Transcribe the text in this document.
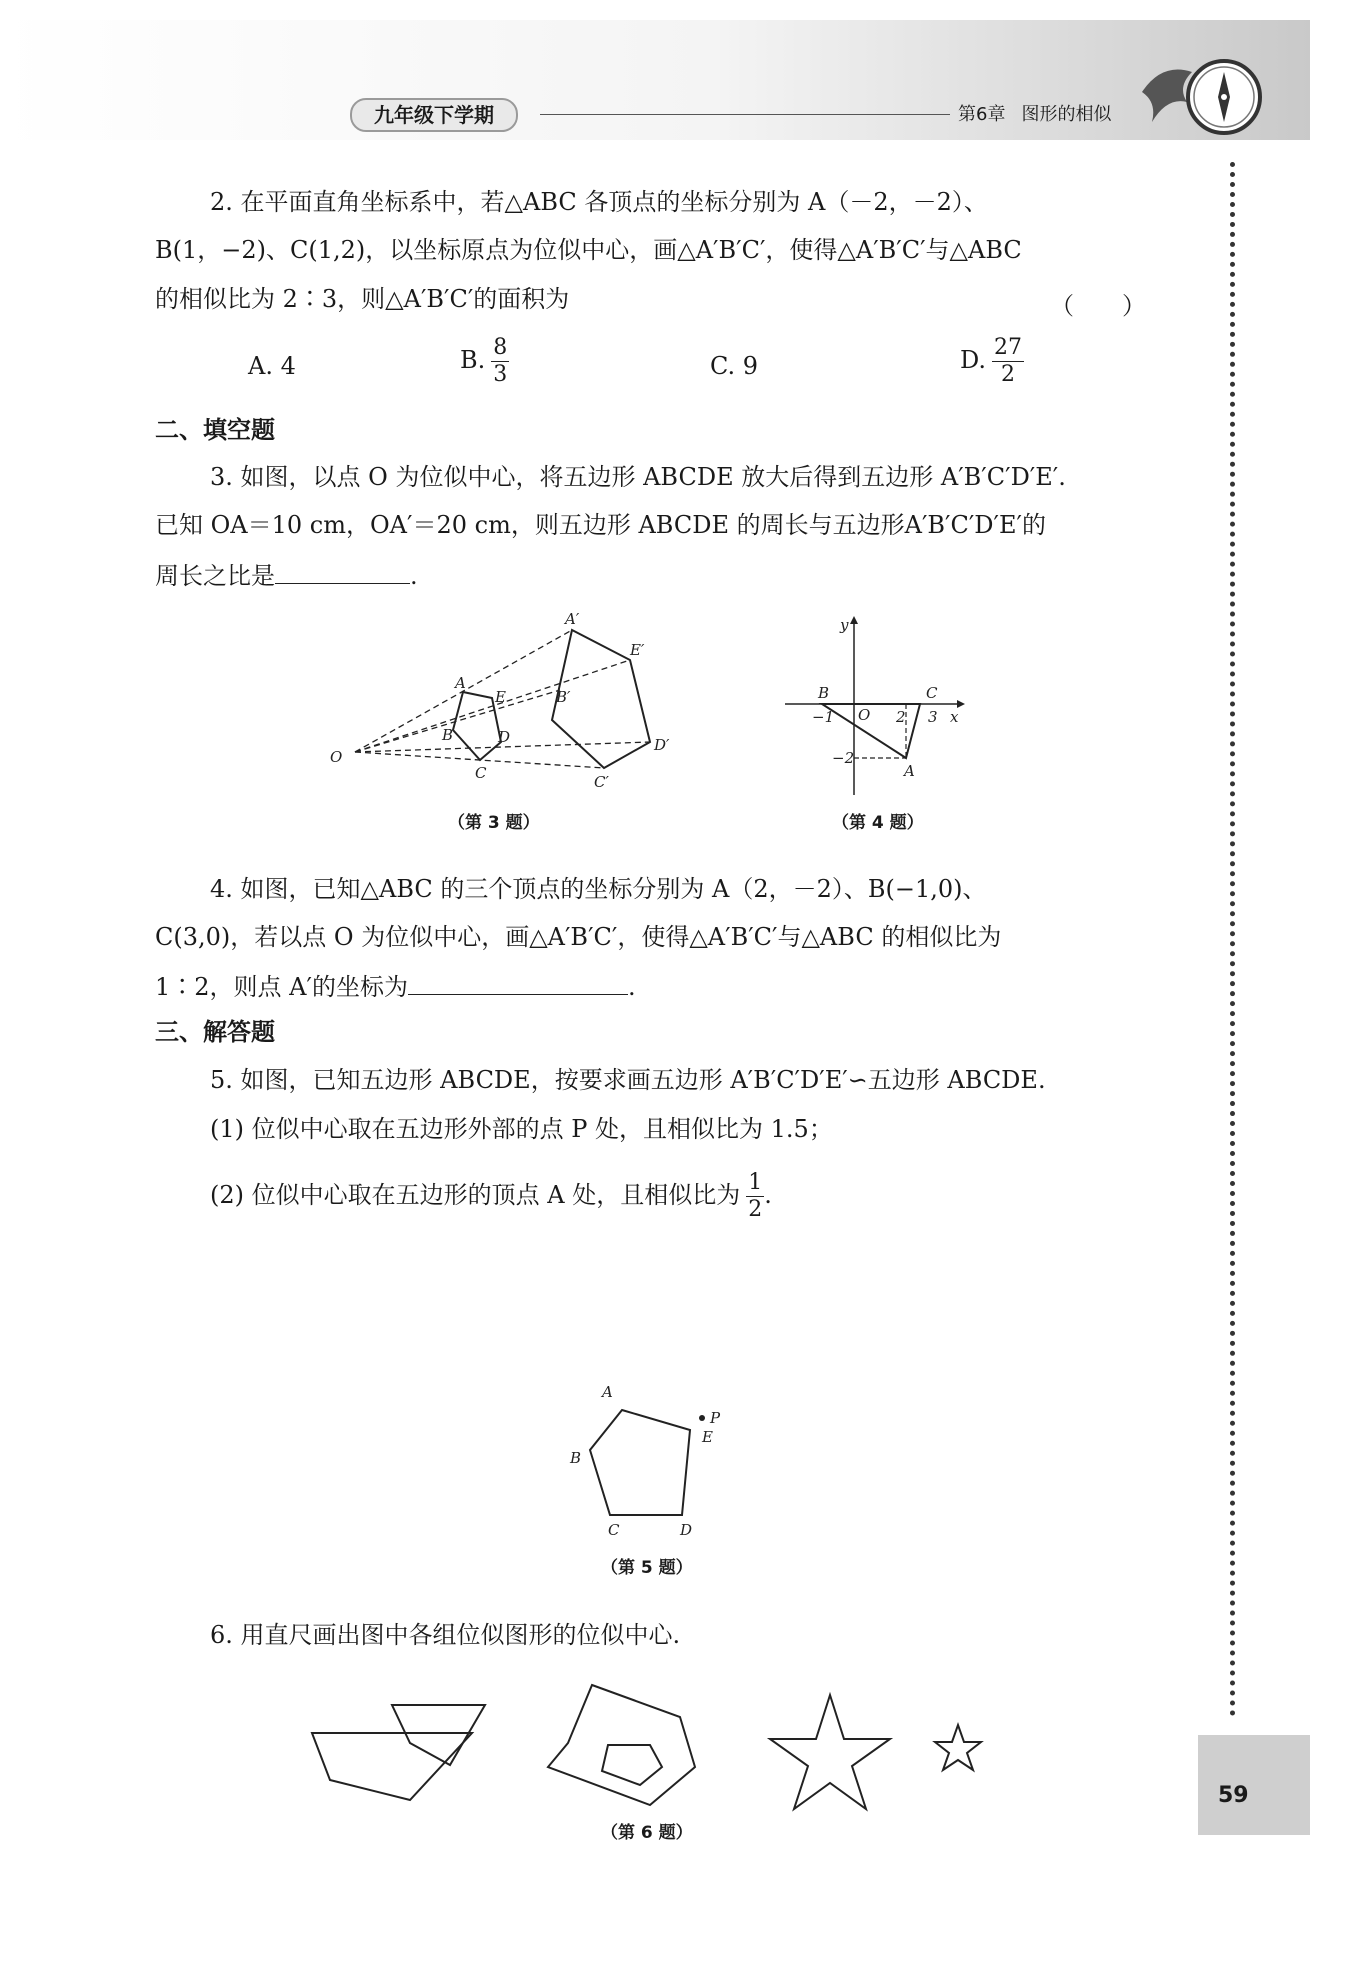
九年级下学期	第6章 图形的相似
59
2. 在平面直角坐标系中，若△ABC 各顶点的坐标分别为 A（－2，－2）、
B(1，−2)、C(1,2)，以坐标原点为位似中心，画△A′B′C′，使得△A′B′C′与△ABC
的相似比为 2∶3，则△A′B′C′的面积为	（　　）
A. 4	B. $\frac{8}{3}$	C. 9	D. $\frac{27}{2}$
二、填空题
3. 如图，以点 O 为位似中心，将五边形 ABCDE 放大后得到五边形 A′B′C′D′E′.
已知 OA＝10 cm，OA′＝20 cm，则五边形 ABCDE 的周长与五边形A′B′C′D′E′的
周长之比是	.
O
A
E
B	D
C
A′
E′
B′
D′
C′
（第 3 题）
y
x
B	C
O
A
−1	2 3
−2
（第 4 题）
4. 如图，已知△ABC 的三个顶点的坐标分别为 A（2，－2）、B(−1,0)、
C(3,0)，若以点 O 为位似中心，画△A′B′C′，使得△A′B′C′与△ABC 的相似比为
1∶2，则点 A′的坐标为	.
三、解答题
5. 如图，已知五边形 ABCDE，按要求画五边形 A′B′C′D′E′∽五边形 ABCDE.
(1) 位似中心取在五边形外部的点 P 处，且相似比为 1.5；
(2) 位似中心取在五边形的顶点 A 处，且相似比为 $\frac{1}{2}$ .
A
P
E
B
C	D
（第 5 题）
6. 用直尺画出图中各组位似图形的位似中心.
（第 6 题）
